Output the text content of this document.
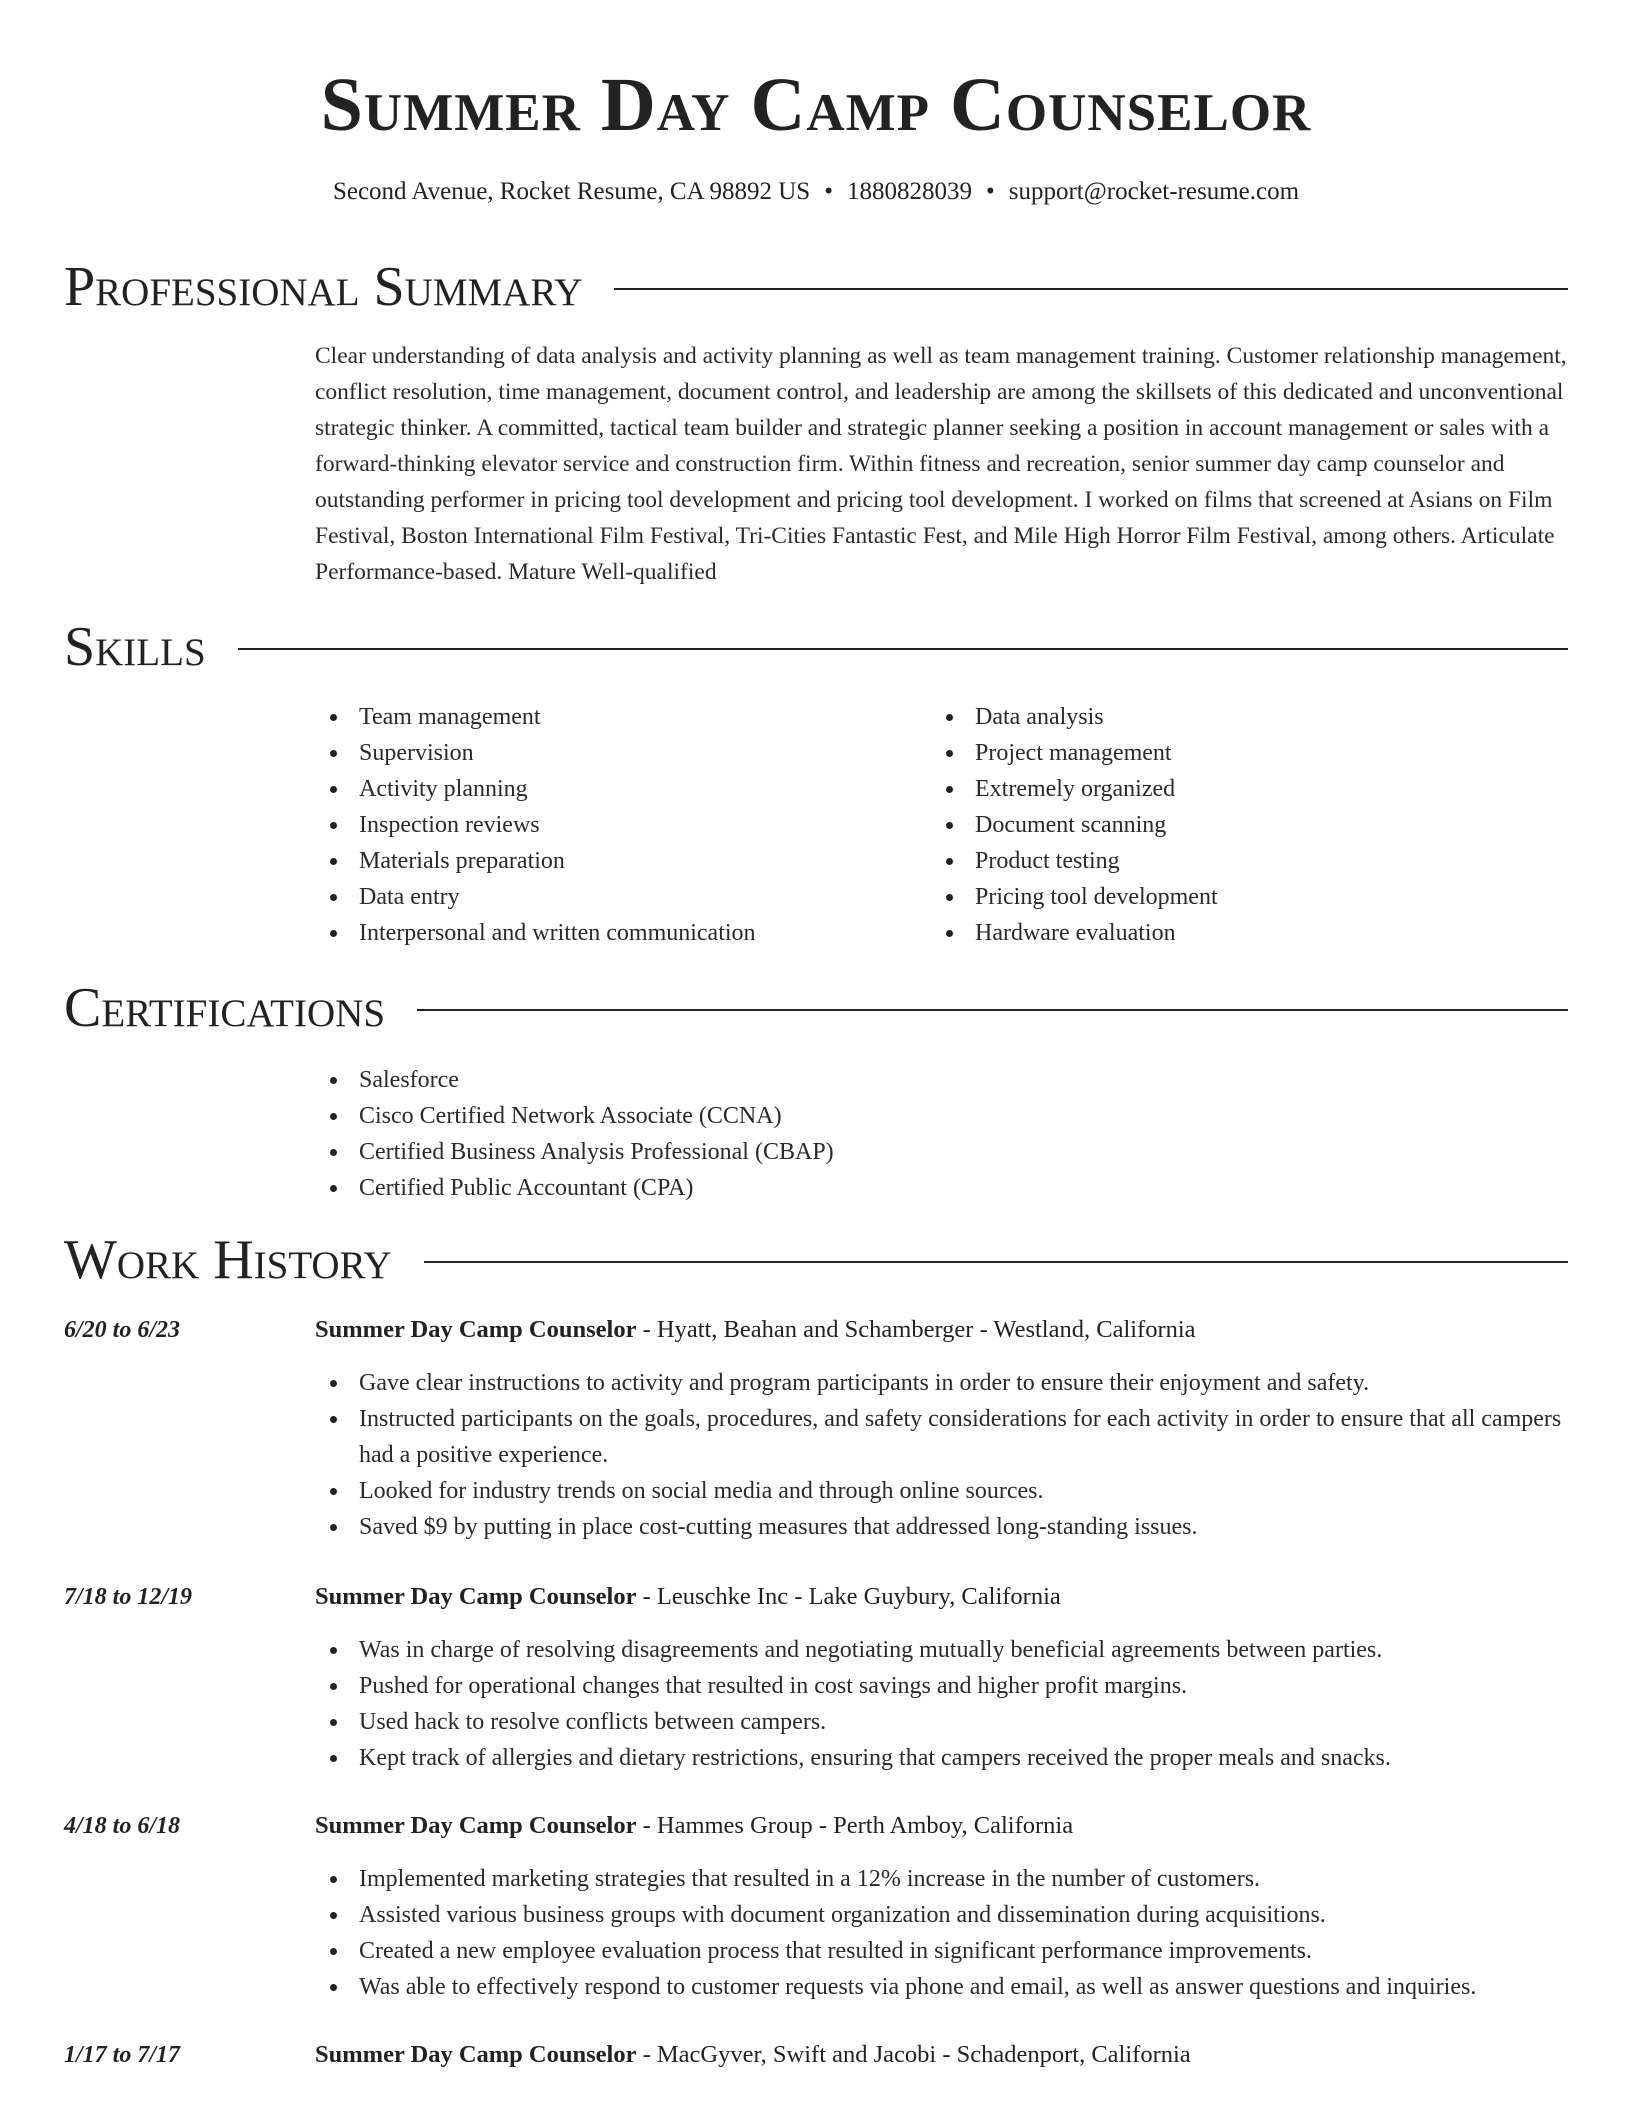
Summer Day Camp Counselor
Second Avenue, Rocket Resume, CA 98892 US • 1880828039 • support@rocket-resume.com
Professional Summary

Clear understanding of data analysis and activity planning as well as team management training. Customer relationship management, conflict resolution, time management, document control, and leadership are among the skillsets of this dedicated and unconventional strategic thinker. A committed, tactical team builder and strategic planner seeking a position in account management or sales with a forward-thinking elevator service and construction firm. Within fitness and recreation, senior summer day camp counselor and outstanding performer in pricing tool development and pricing tool development. I worked on films that screened at Asians on Film Festival, Boston International Film Festival, Tri-Cities Fantastic Fest, and Mile High Horror Film Festival, among others. Articulate Performance-based. Mature Well-qualified

Skills
Team management
Supervision
Activity planning
Inspection reviews
Materials preparation
Data entry
Interpersonal and written communication
Data analysis
Project management
Extremely organized
Document scanning
Product testing
Pricing tool development
Hardware evaluation
Certifications
Salesforce
Cisco Certified Network Associate (CCNA)
Certified Business Analysis Professional (CBAP)
Certified Public Accountant (CPA)
Work History
6/20 to 6/23	Summer Day Camp Counselor - Hyatt, Beahan and Schamberger - Westland, California
Gave clear instructions to activity and program participants in order to ensure their enjoyment and safety.
Instructed participants on the goals, procedures, and safety considerations for each activity in order to ensure that all campers had a positive experience.
Looked for industry trends on social media and through online sources.
Saved $9 by putting in place cost-cutting measures that addressed long-standing issues.
7/18 to 12/19	Summer Day Camp Counselor - Leuschke Inc - Lake Guybury, California
Was in charge of resolving disagreements and negotiating mutually beneficial agreements between parties.
Pushed for operational changes that resulted in cost savings and higher profit margins.
Used hack to resolve conflicts between campers.
Kept track of allergies and dietary restrictions, ensuring that campers received the proper meals and snacks.
4/18 to 6/18	Summer Day Camp Counselor - Hammes Group - Perth Amboy, California
Implemented marketing strategies that resulted in a 12% increase in the number of customers.
Assisted various business groups with document organization and dissemination during acquisitions.
Created a new employee evaluation process that resulted in significant performance improvements.
Was able to effectively respond to customer requests via phone and email, as well as answer questions and inquiries.
1/17 to 7/17	Summer Day Camp Counselor - MacGyver, Swift and Jacobi - Schadenport, California
